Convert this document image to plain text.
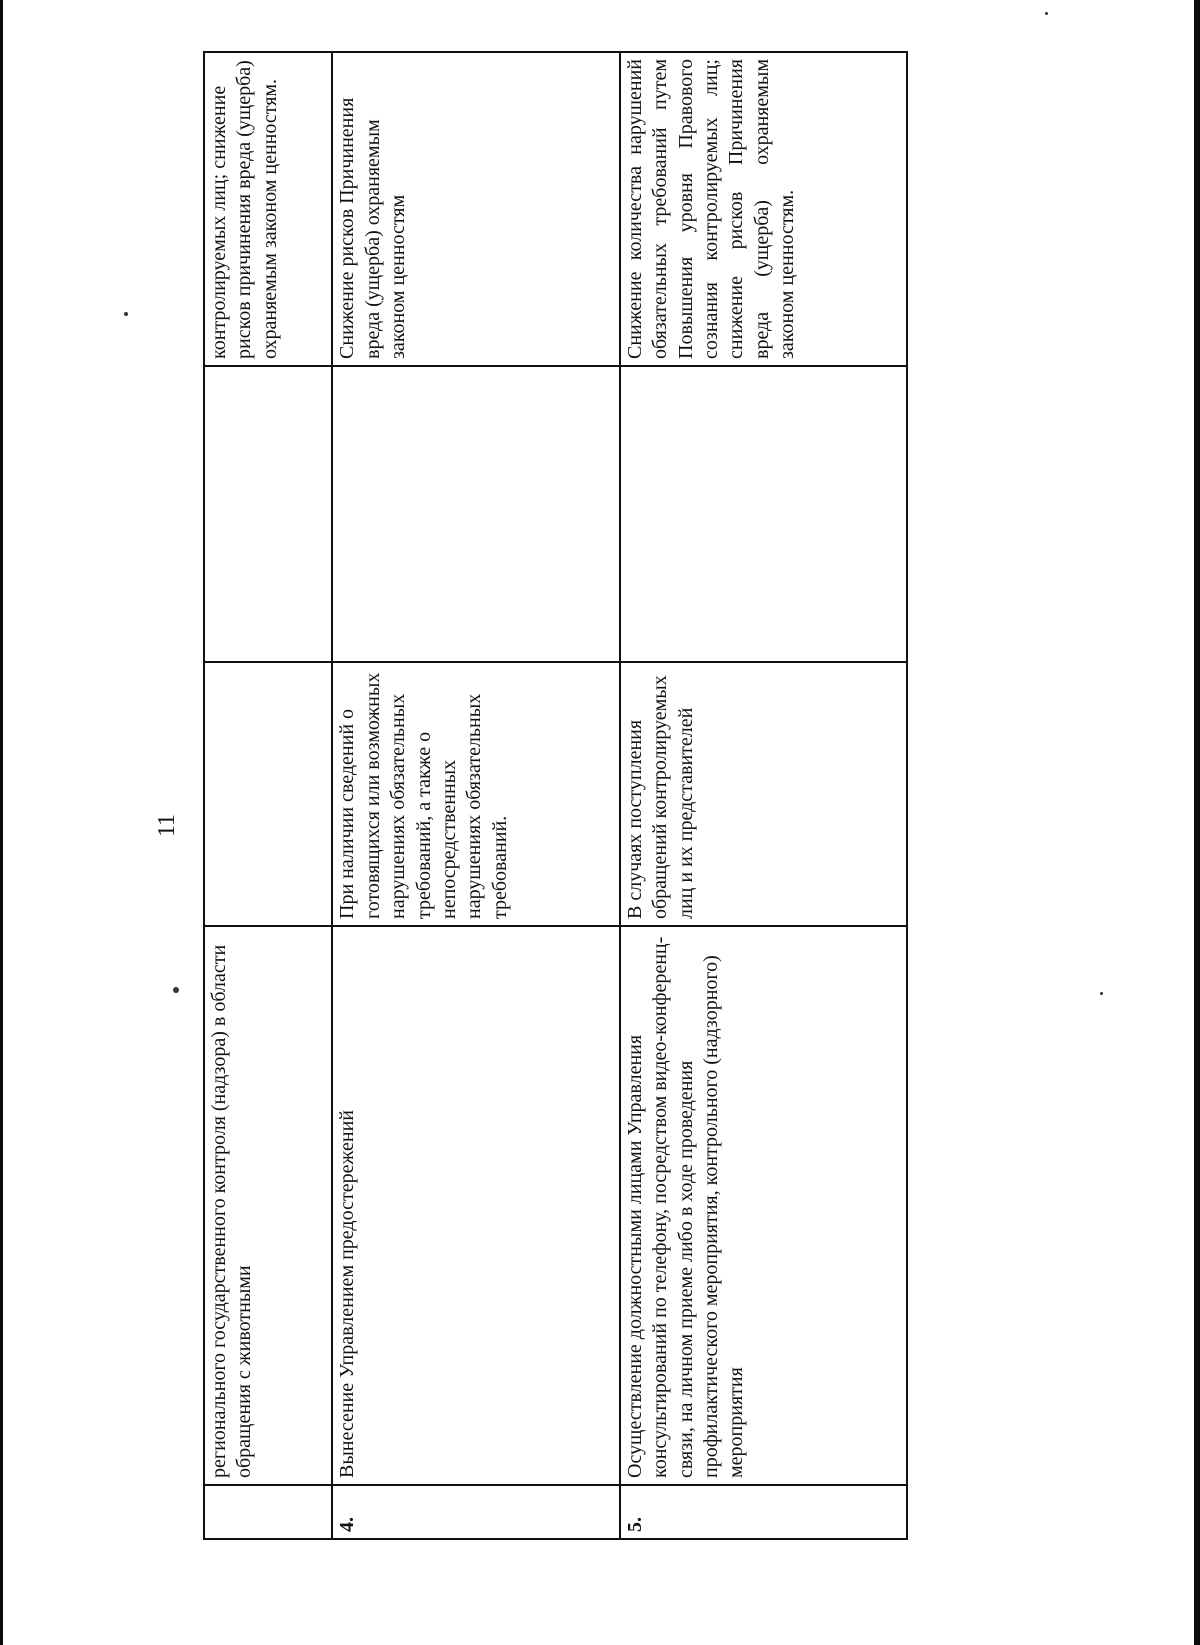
11
	регионального государственного контроля (надзора) в области обращения с животными			контролируемых лиц; снижение рисков причинения вреда (ущерба) охраняемым законом ценностям.
4.	Вынесение Управлением предостережений	При наличии сведений о готовящихся или возможных нарушениях обязательных требований, а также о непосредственных нарушениях обязательных требований.		Снижение рисков Причинения вреда (ущерба) охраняемым законом ценностям
5.	Осуществление должностными лицами Управления консультирований по телефону, посредством видео-конференц- связи, на личном приеме либо в ходе проведения профилактического мероприятия, контрольного (надзорного) мероприятия	В случаях поступления обращений контролируемых лиц и их представителей		Снижение количества нарушений обязательных требований путем Повышения уровня Правового сознания контролируемых лиц; снижение рисков Причинения вреда (ущерба) охраняемым законом ценностям.
